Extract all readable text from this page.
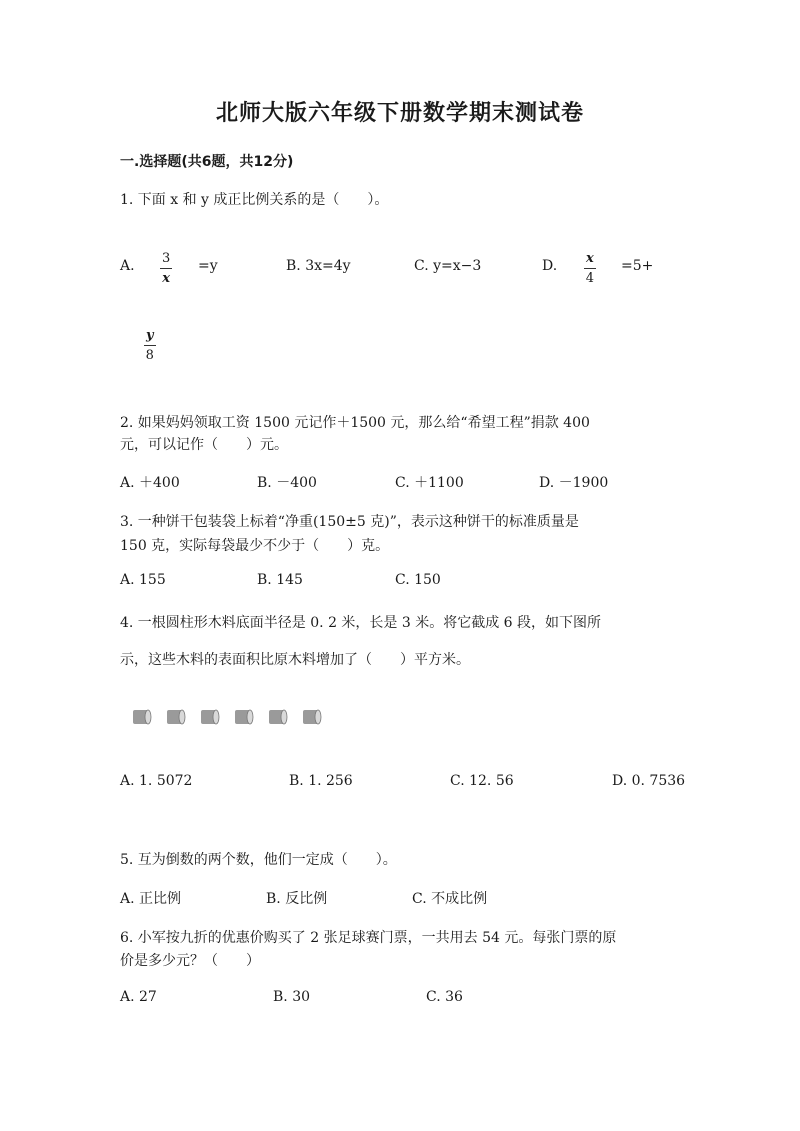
北师大版六年级下册数学期末测试卷
一.选择题(共6题，共12分)
1. 下面 x 和 y 成正比例关系的是（　　）。
A. $\frac{3}{x} =y$	B. 3x=4y	C. y=x−3	D. $\frac{x}{4} =5+$
$\frac{y}{8}$
2. 如果妈妈领取工资 1500 元记作＋1500 元，那么给“希望工程”捐款 400
元，可以记作（　　）元。
A. ＋400	B. －400	C. ＋1100	D. －1900
3. 一种饼干包装袋上标着“净重(150±5 克)”，表示这种饼干的标准质量是
150 克，实际每袋最少不少于（　　）克。
A. 155	B. 145	C. 150
4. 一根圆柱形木料底面半径是 0. 2 米，长是 3 米。将它截成 6 段，如下图所
示，这些木料的表面积比原木料增加了（　　）平方米。
A. 1. 5072	B. 1. 256	C. 12. 56	D. 0. 7536
5. 互为倒数的两个数，他们一定成（　　）。
A. 正比例	B. 反比例	C. 不成比例
6. 小军按九折的优惠价购买了 2 张足球赛门票，一共用去 54 元。每张门票的原
价是多少元？（　　）
A. 27	B. 30	C. 36
